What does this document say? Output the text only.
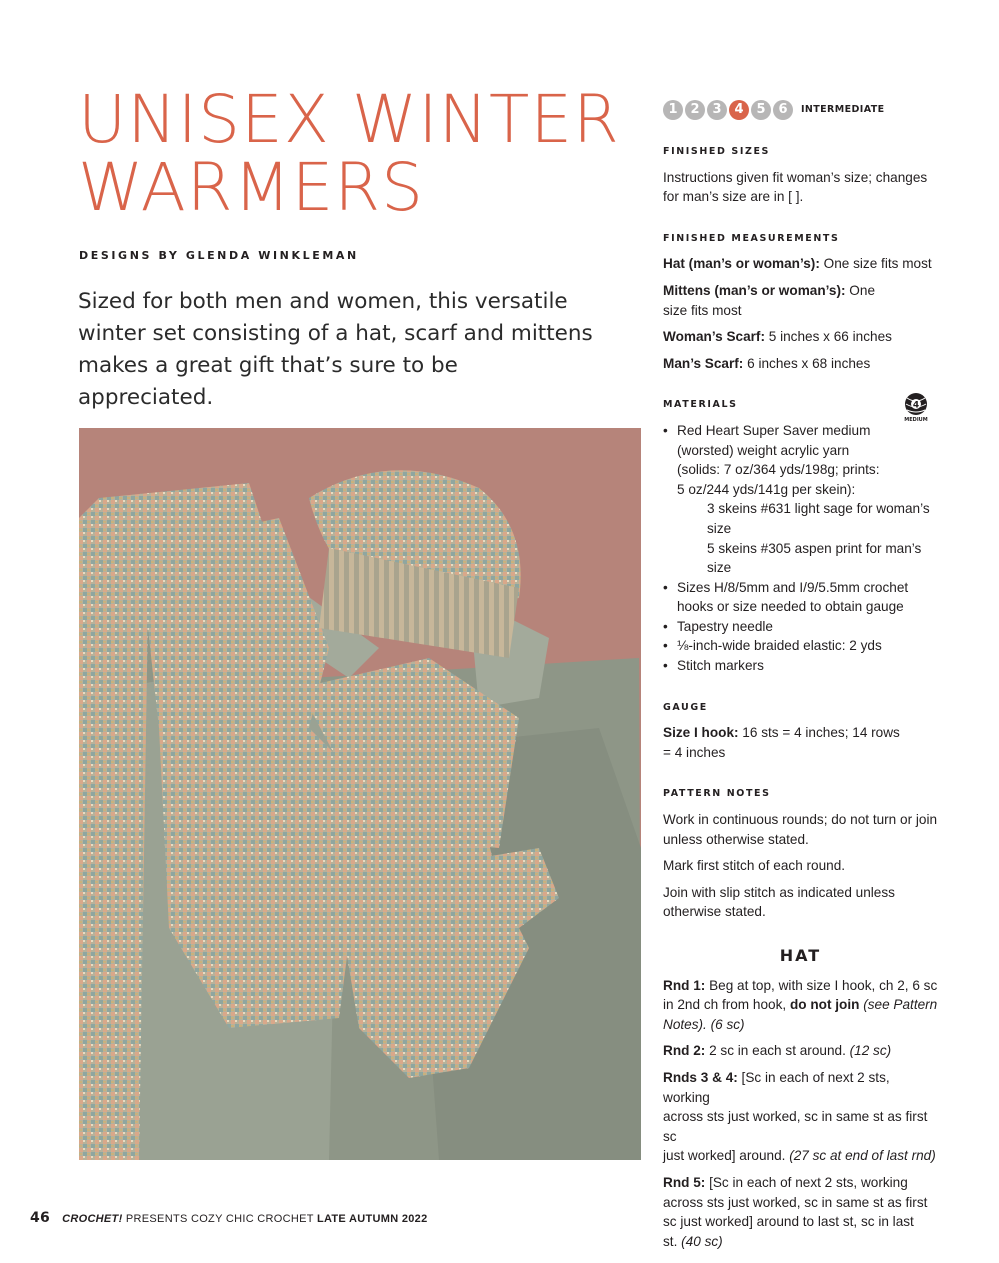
UNISEX WINTER
WARMERS
DESIGNS BY GLENDA WINKLEMAN
Sized for both men and women, this versatile
winter set consisting of a hat, scarf and mittens
makes a great gift that’s sure to be appreciated.
1 2 3 4 5 6	INTERMEDIATE
FINISHED SIZES
Instructions given fit woman’s size; changes
for man’s size are in [ ].
FINISHED MEASUREMENTS
Hat (man’s or woman’s): One size fits most
Mittens (man’s or woman’s): One
size fits most
Woman’s Scarf: 5 inches x 66 inches
Man’s Scarf: 6 inches x 68 inches
MATERIALS	4
MEDIUM
• Red Heart Super Saver medium
(worsted) weight acrylic yarn
(solids: 7 oz/364 yds/198g; prints:
5 oz/244 yds/141g per skein):
3 skeins #631 light sage for woman’s size
5 skeins #305 aspen print for man’s size
• Sizes H/8/5mm and I/9/5.5mm crochet
hooks or size needed to obtain gauge
• Tapestry needle
• ⅛-inch-wide braided elastic: 2 yds
• Stitch markers
GAUGE
Size I hook: 16 sts = 4 inches; 14 rows
= 4 inches
PATTERN NOTES
Work in continuous rounds; do not turn or join
unless otherwise stated.
Mark first stitch of each round.
Join with slip stitch as indicated unless
otherwise stated.
HAT
Rnd 1: Beg at top, with size I hook, ch 2, 6 sc
in 2nd ch from hook, do not join (see Pattern
Notes). (6 sc)
Rnd 2: 2 sc in each st around. (12 sc)
Rnds 3 & 4: [Sc in each of next 2 sts, working
across sts just worked, sc in same st as first sc
just worked] around. (27 sc at end of last rnd)
Rnd 5: [Sc in each of next 2 sts, working
across sts just worked, sc in same st as first
sc just worked] around to last st, sc in last
st. (40 sc)
46 CROCHET! PRESENTS COZY CHIC CROCHET LATE AUTUMN 2022
